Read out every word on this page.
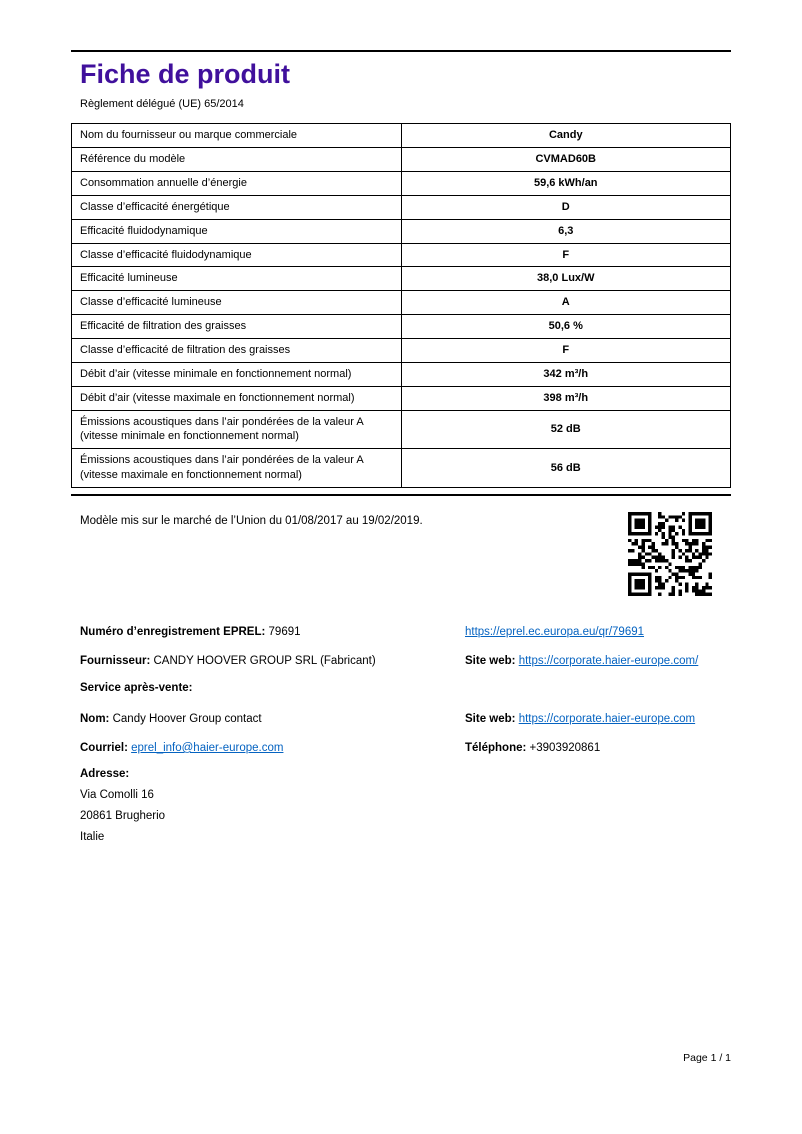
Fiche de produit
Règlement délégué (UE) 65/2014
Nom du fournisseur ou marque commerciale	Candy
Référence du modèle	CVMAD60B
Consommation annuelle d’énergie	59,6 kWh/an
Classe d’efficacité énergétique	D
Efficacité fluidodynamique	6,3
Classe d’efficacité fluidodynamique	F
Efficacité lumineuse	38,0 Lux/W
Classe d’efficacité lumineuse	A
Efficacité de filtration des graisses	50,6 %
Classe d’efficacité de filtration des graisses	F
Débit d’air (vitesse minimale en fonctionnement normal)	342 m³/h
Débit d’air (vitesse maximale en fonctionnement normal)	398 m³/h
Émissions acoustiques dans l’air pondérées de la valeur A (vitesse minimale en fonctionnement normal)	52 dB
Émissions acoustiques dans l’air pondérées de la valeur A (vitesse maximale en fonctionnement normal)	56 dB
Modèle mis sur le marché de l’Union du 01/08/2017 au 19/02/2019.
Numéro d’enregistrement EPREL: 79691	https://eprel.ec.europa.eu/qr/79691
Fournisseur: CANDY HOOVER GROUP SRL (Fabricant)	Site web: https://corporate.haier-europe.com/
Service après-vente:
Nom: Candy Hoover Group contact	Site web: https://corporate.haier-europe.com
Courriel: eprel_info@haier-europe.com	Téléphone: +3903920861
Adresse:
Via Comolli 16
20861 Brugherio
Italie
Page 1 / 1
